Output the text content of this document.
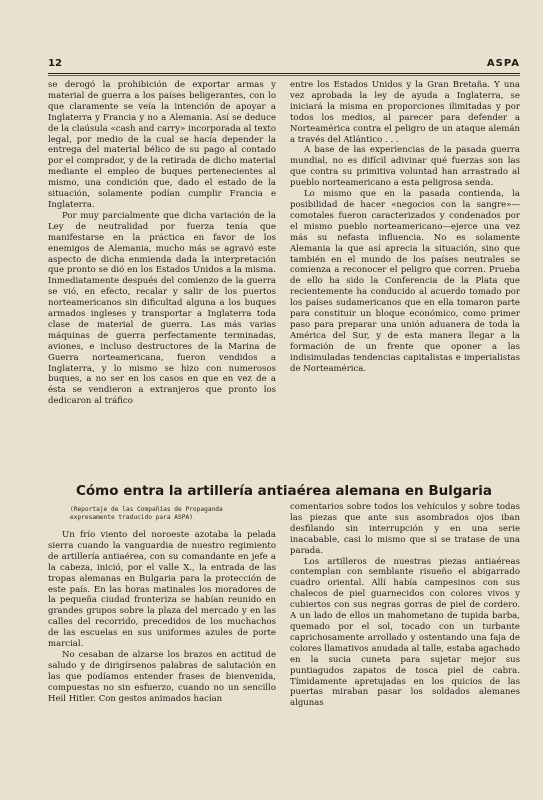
12	ASPA

se derogó la prohibición de exportar armas y material de guerra a los países beligerantes, con lo que claramente se veía la intención de apoyar a Inglaterra y Francia y no a Alemania. Así se deduce de la claúsula «cash and carry» incorporada al texto legal, por medio de la cual se hacía depender la entrega del material bélico de su pago al contado por el comprador, y de la retirada de dicho material mediante el empleo de buques pertenecientes al mismo, una condición que, dado el estado de la situación, solamente podían cumplir Francia e Inglaterra.

Por muy parcialmente que dicha variación de la Ley de neutralidad por fuerza tenía que manifestarse en la práctica en favor de los enemigos de Alemania, mucho más se agravó este aspecto de dicha enmienda dada la interpretación que pronto se dió en los Estados Unidos a la misma. Inmediatamente después del comienzo de la guerra se vió, en efecto, recalar y salir de los puertos norteamericanos sin dificultad alguna a los buques armados ingleses y transportar a Inglaterra toda clase de material de guerra. Las más varias máquinas de guerra perfectamente terminadas, aviones, e incluso destructores de la Marina de Guerra norteamericana, fueron vendidos a Inglaterra, y lo mismo se hizo con numerosos buques, a no ser en los casos en que en vez de a ésta se vendieron a extranjeros que pronto los dedicaron al tráfico

entre los Estados Unidos y la Gran Bretaña. Y una vez aprobada la ley de ayuda a Inglaterra, se iniciará la misma en proporciones ilimitadas y por todos los medios, al parecer para defender a Norteamérica contra el peligro de un ataque alemán a través del Atlántico . . .

A base de las experiencias de la pasada guerra mundial, no es difícil adivinar qué fuerzas son las que contra su primitiva voluntad han arrastrado al pueblo norteamericano a esta peligrosa senda.

Lo mismo que en la pasada contienda, la posibilidad de hacer «negocios con la sangre»—comotales fueron caracterizados y condenados por el mismo pueblo norteamericano—ejerce una vez más su nefasta influencia. No es solamente Alemania la que así aprecia la situación, sino que también en el mundo de los países neutrales se comienza a reconocer el peligro que corren. Prueba de ello ha sido la Conferencia de la Plata que recientemente ha conducido al acuerdo tomado por los países sudamericanos que en ella tomaron parte para constituir un bloque económico, como primer paso para preparar una unión aduanera de toda la América del Sur, y de esta manera llegar a la formación de un frente que oponer a las indisimuladas tendencias capitalistas e imperialistas de Norteamérica.

Cómo entra la artillería antiaérea alemana en Bulgaria
(Reportaje de las Compañías de Propaganda expresamente traducido para ASPA)

Un frío viento del noroeste azotaba la pelada sierra cuando la vanguardia de nuestro regimiento de artillería antiaérea, con su comandante en jefe a la cabeza, inició, por el valle X., la entrada de las tropas alemanas en Bulgaria para la protección de este país. En las horas matinales los moradores de la pequeña ciudad fronteriza se habían reunido en grandes grupos sobre la plaza del mercado y en las calles del recorrido, precedidos de los muchachos de las escuelas en sus uniformes azules de porte marcial.

No cesaban de alzarse los brazos en actitud de saludo y de dirigírsenos palabras de salutación en las que podíamos entender frases de bienvenida, compuestas no sin esfuerzo, cuando no un sencillo Heil Hitler. Con gestos animados hacían

comentarios sobre todos los vehículos y sobre todas las piezas que ante sus asombrados ojos iban desfilando sin interrupción y en una serie inacabable, casi lo mismo que si se tratase de una parada.

Los artilleros de nuestras piezas antiaéreas contemplan con semblante risueño el abigarrado cuadro oriental. Allí había campesinos con sus chalecos de piel guarnecidos con colores vivos y cubiertos con sus negras gorras de piel de cordero. A un lado de ellos un mahometano de tupida barba, quemado por el sol, tocado con un turbante caprichosamente arrollado y ostentando una faja de colores llamativos anudada al talle, estaba agachado en la sucia cuneta para sujetar mejor sus puntiagudos zapatos de tosca piel de cabra. Tímidamente apretujadas en los quicios de las puertas miraban pasar los soldados alemanes algunas
